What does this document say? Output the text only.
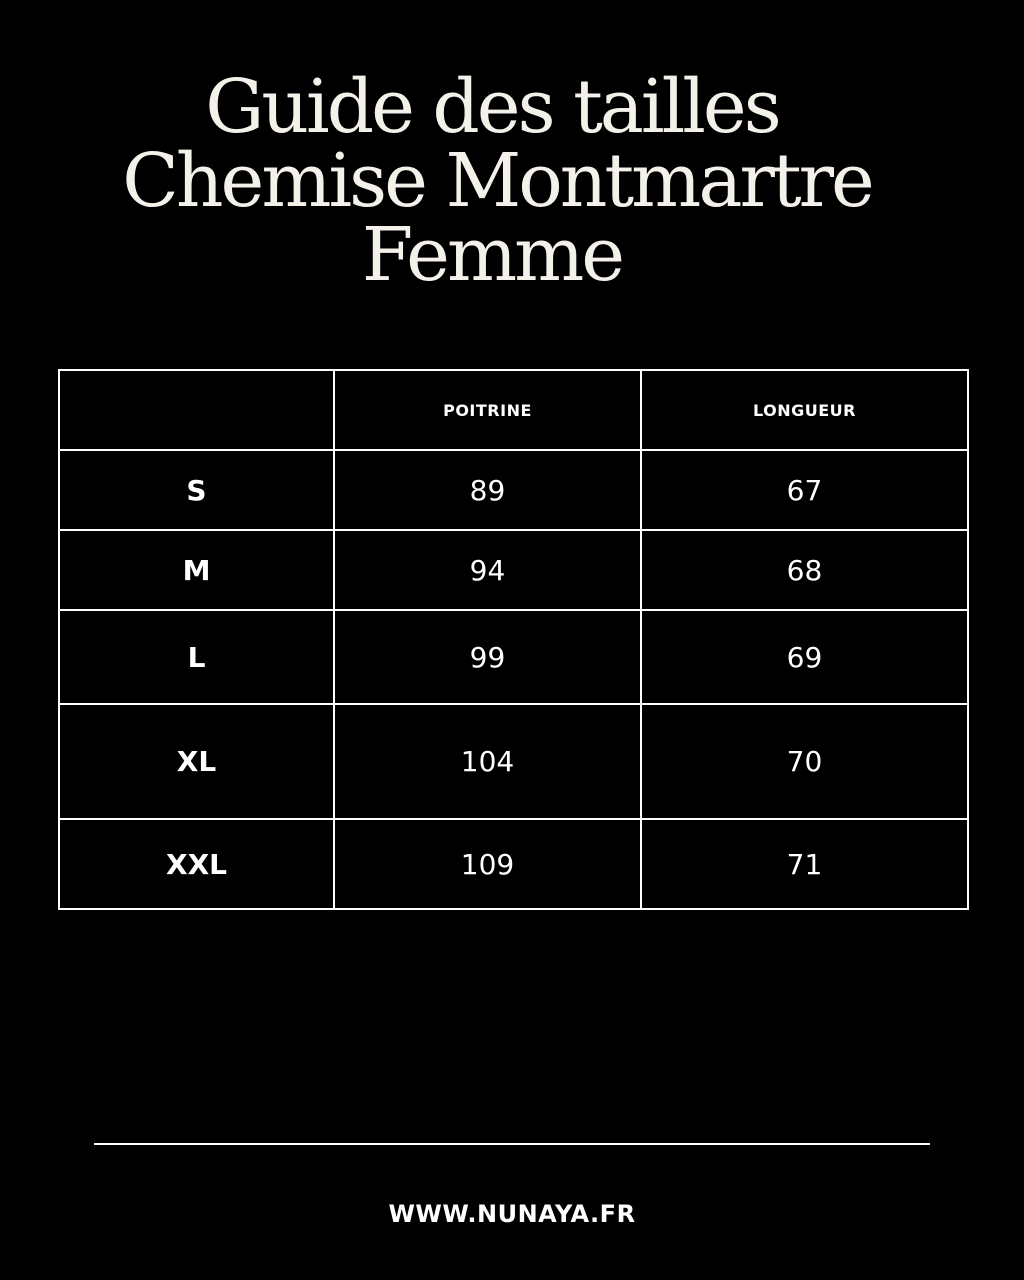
Guide des tailles
Chemise Montmartre
Femme
	POITRINE	LONGUEUR
S	89	67
M	94	68
L	99	69
XL	104	70
XXL	109	71
WWW.NUNAYA.FR
